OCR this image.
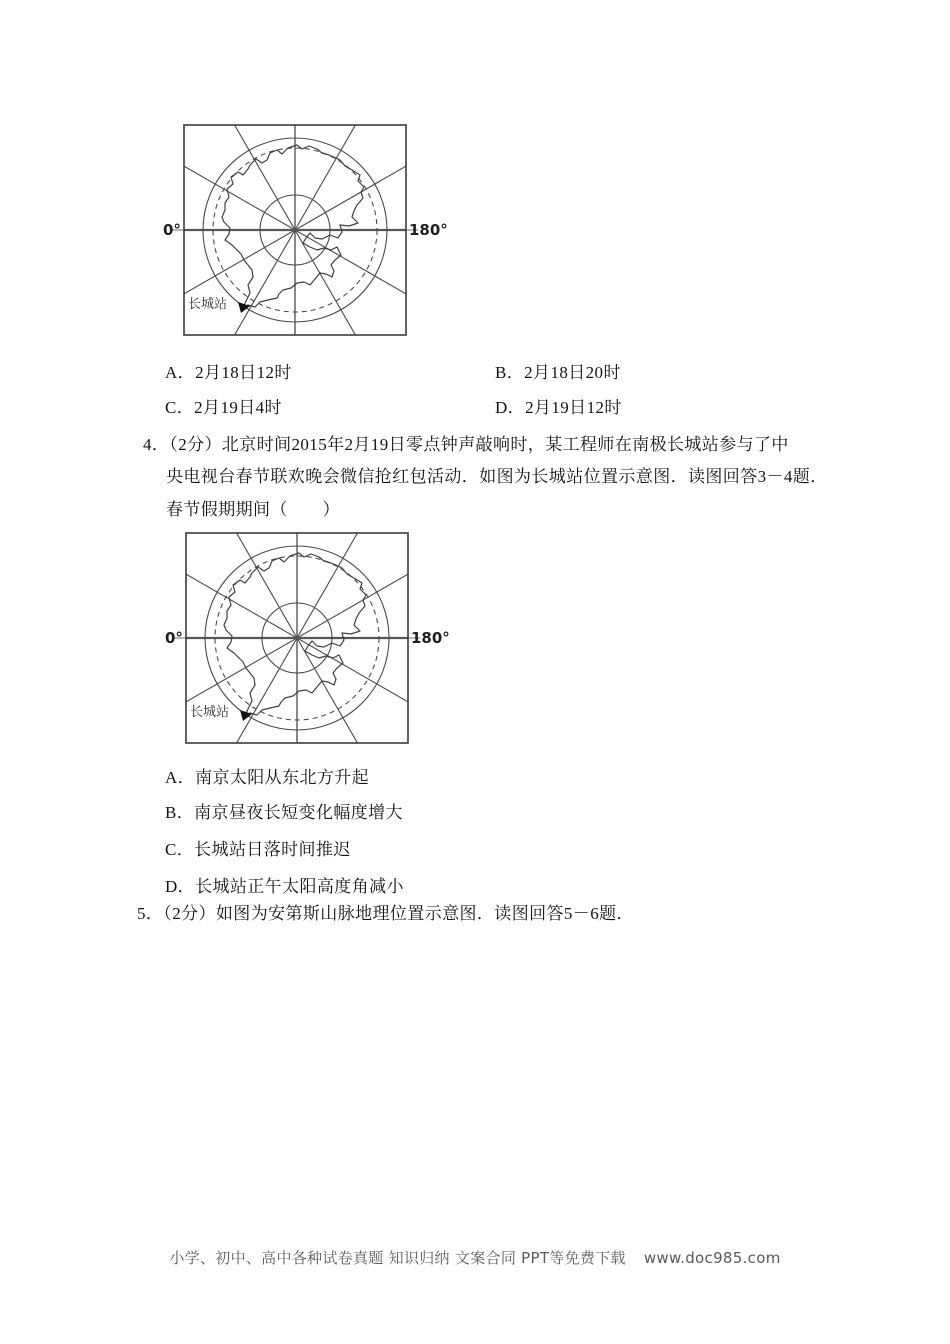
0°	180°
长城站
A．2月18日12时	B．2月18日20时
C．2月19日4时	D．2月19日12时
4．（2分）北京时间2015年2月19日零点钟声敲响时，某工程师在南极长城站参与了中
央电视台春节联欢晚会微信抢红包活动．如图为长城站位置示意图．读图回答3－4题．
春节假期期间（　　）
0°	180°
长城站
A．南京太阳从东北方升起
B．南京昼夜长短变化幅度增大
C．长城站日落时间推迟
D．长城站正午太阳高度角减小
5．（2分）如图为安第斯山脉地理位置示意图．读图回答5－6题．
小学、初中、高中各种试卷真题 知识归纳 文案合同 PPT等免费下载 www.doc985.com
